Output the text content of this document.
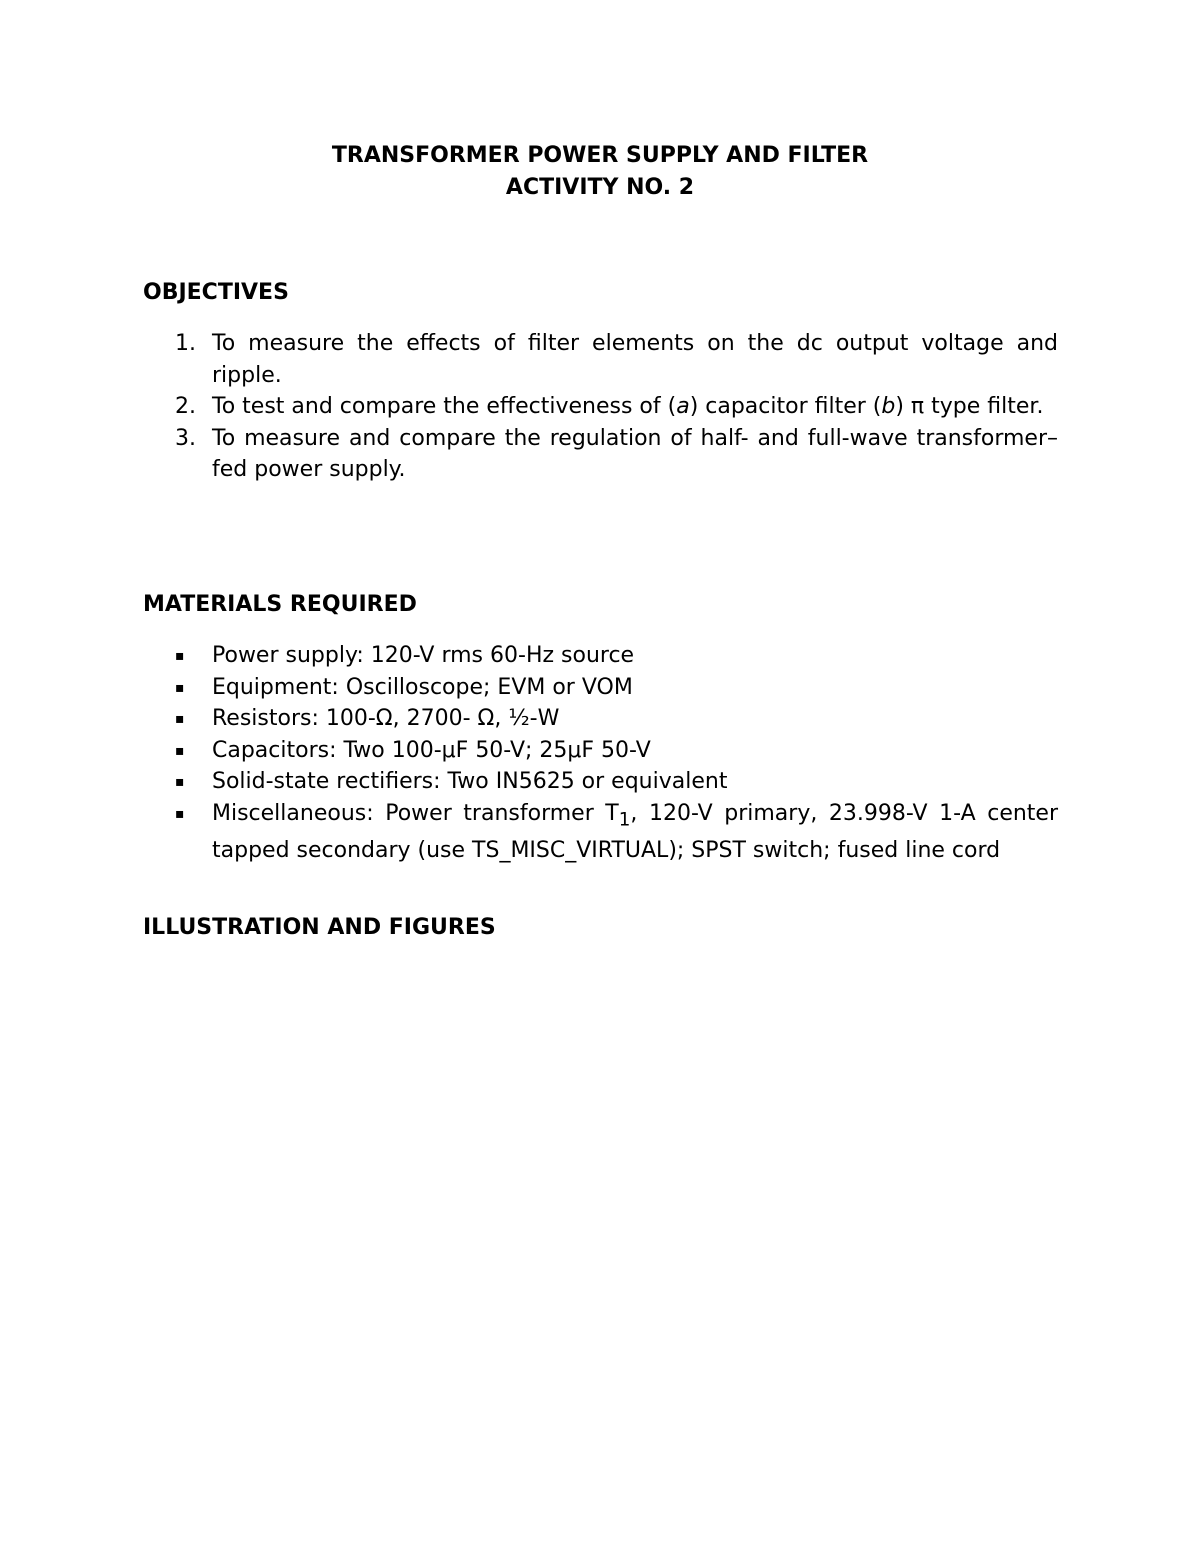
TRANSFORMER POWER SUPPLY AND FILTER
ACTIVITY NO. 2
OBJECTIVES
1. To measure the effects of filter elements on the dc output voltage and ripple.
2. To test and compare the effectiveness of (a) capacitor filter (b) π type filter.
3. To measure and compare the regulation of half- and full-wave transformer–fed power supply.
MATERIALS REQUIRED
▪ Power supply: 120-V rms 60-Hz source
▪ Equipment: Oscilloscope; EVM or VOM
▪ Resistors: 100-Ω, 2700- Ω, ½-W
▪ Capacitors: Two 100-μF 50-V; 25μF 50-V
▪ Solid-state rectifiers: Two IN5625 or equivalent
▪ Miscellaneous: Power transformer $T_1$, 120-V primary, 23.998-V 1-A center tapped secondary (use TS_MISC_VIRTUAL); SPST switch; fused line cord
ILLUSTRATION AND FIGURES
